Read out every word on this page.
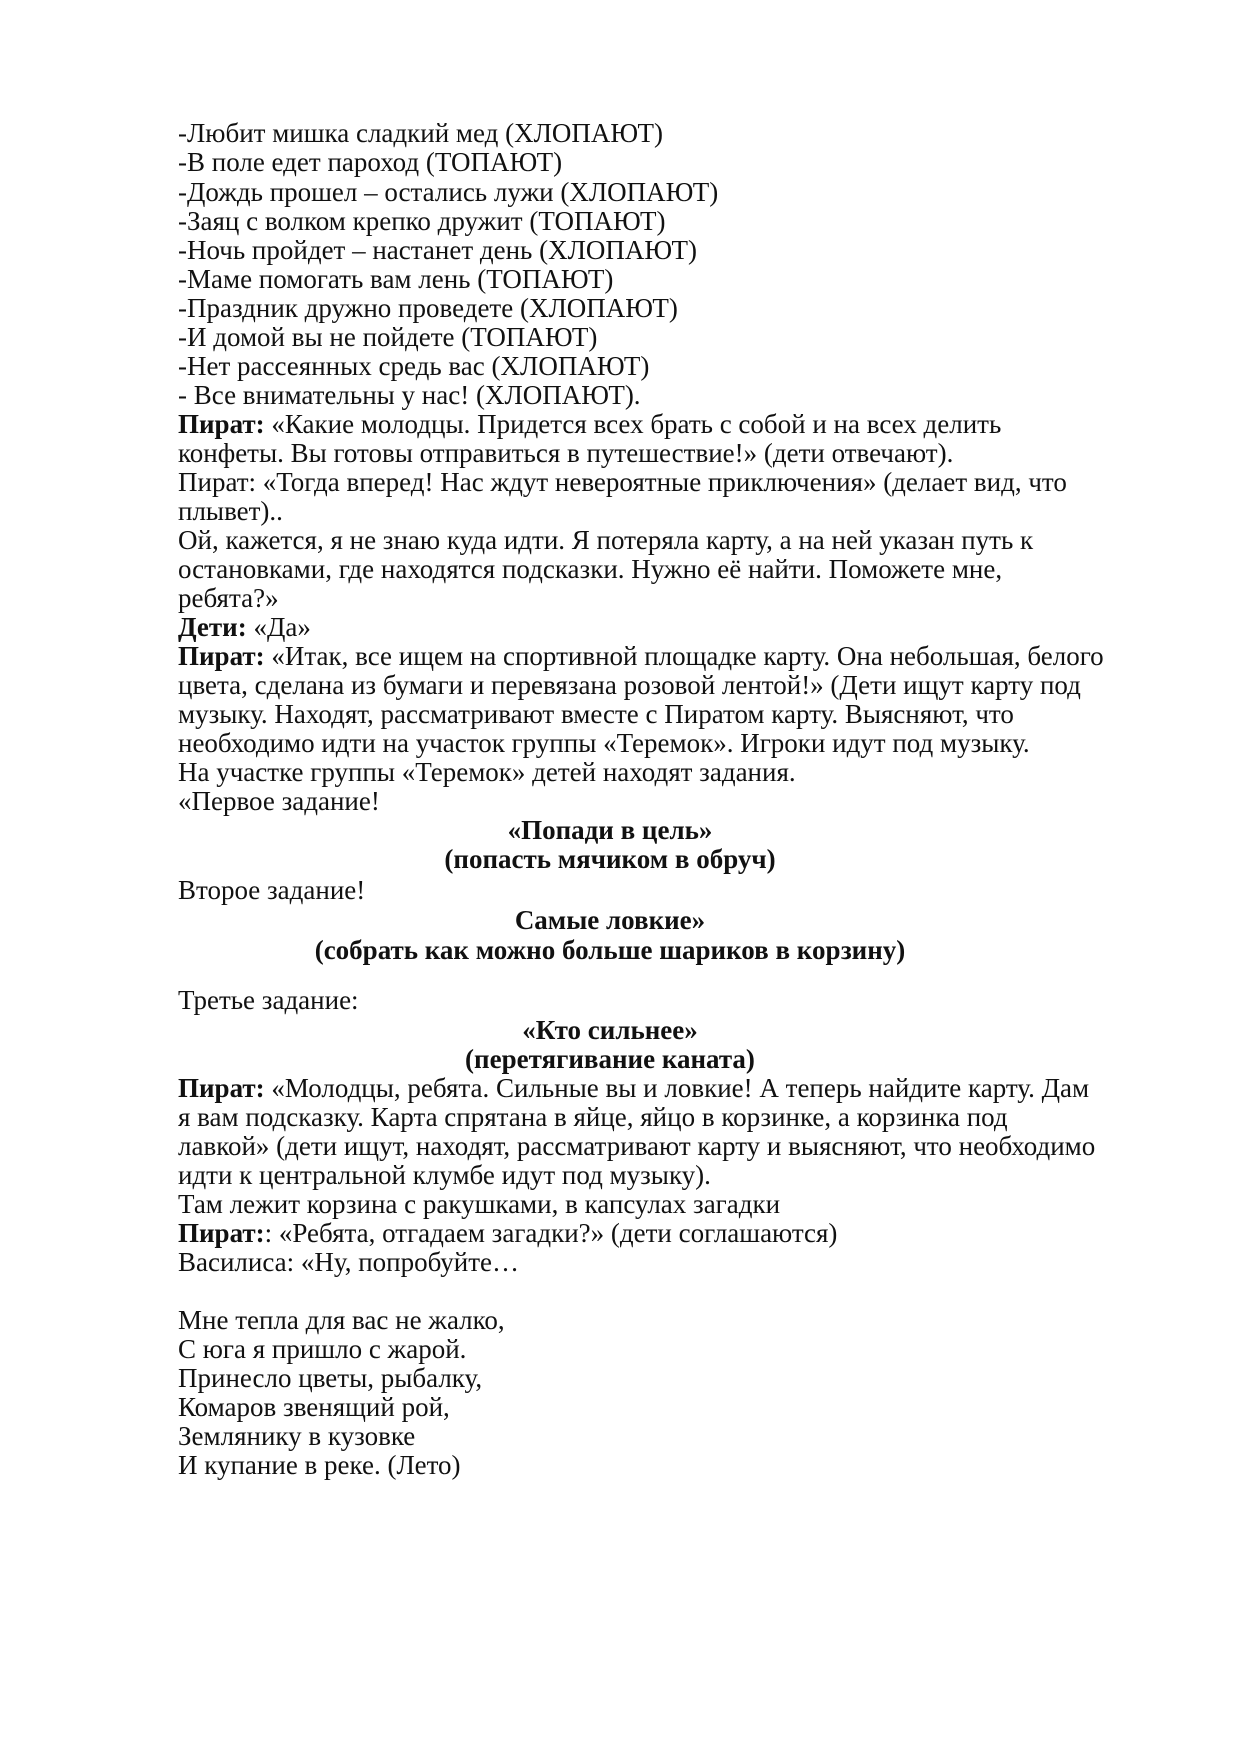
-Любит мишка сладкий мед (ХЛОПАЮТ)

-В поле едет пароход (ТОПАЮТ)

-Дождь прошел – остались лужи (ХЛОПАЮТ)

-Заяц с волком крепко дружит (ТОПАЮТ)

-Ночь пройдет – настанет день (ХЛОПАЮТ)

-Маме помогать вам лень (ТОПАЮТ)

-Праздник дружно проведете (ХЛОПАЮТ)

-И домой вы не пойдете (ТОПАЮТ)

-Нет рассеянных средь вас (ХЛОПАЮТ)

- Все внимательны у нас! (ХЛОПАЮТ).

Пират: «Какие молодцы. Придется всех брать с собой и на всех делить

конфеты. Вы готовы отправиться в путешествие!» (дети отвечают).

Пират: «Тогда вперед! Нас ждут невероятные приключения» (делает вид, что

плывет)..

Ой, кажется, я не знаю куда идти. Я потеряла карту, а на ней указан путь к

остановками, где находятся подсказки. Нужно её найти. Поможете мне,

ребята?»

Дети: «Да»

Пират: «Итак, все ищем на спортивной площадке карту. Она небольшая, белого

цвета, сделана из бумаги и перевязана розовой лентой!» (Дети ищут карту под

музыку. Находят, рассматривают вместе с Пиратом карту. Выясняют, что

необходимо идти на участок группы «Теремок». Игроки идут под музыку.

На участке группы «Теремок» детей находят задания.

«Первое задание!

«Попади в цель»

(попасть мячиком в обруч)

Второе задание!

Самые ловкие»

(собрать как можно больше шариков в корзину)

Третье задание:

«Кто сильнее»

(перетягивание каната)

Пират: «Молодцы, ребята. Сильные вы и ловкие! А теперь найдите карту. Дам

я вам подсказку. Карта спрятана в яйце, яйцо в корзинке, а корзинка под

лавкой» (дети ищут, находят, рассматривают карту и выясняют, что необходимо

идти к центральной клумбе идут под музыку).

Там лежит корзина с ракушками, в капсулах загадки

Пират:: «Ребята, отгадаем загадки?» (дети соглашаются)

Василиса: «Ну, попробуйте…

Мне тепла для вас не жалко,

С юга я пришло с жарой.

Принесло цветы, рыбалку,

Комаров звенящий рой,

Землянику в кузовке

И купание в реке. (Лето)
